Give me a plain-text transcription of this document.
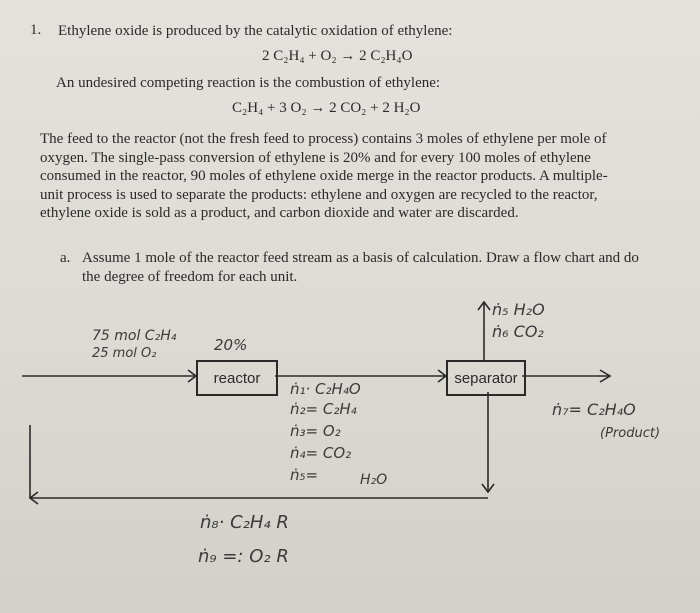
1. Ethylene oxide is produced by the catalytic oxidation of ethylene:
2 C₂H₄ + O₂ → 2 C₂H₄O
An undesired competing reaction is the combustion of ethylene:
C₂H₄ + 3 O₂ → 2 CO₂ + 2 H₂O
The feed to the reactor (not the fresh feed to process) contains 3 moles of ethylene per mole of oxygen. The single-pass conversion of ethylene is 20% and for every 100 moles of ethylene consumed in the reactor, 90 moles of ethylene oxide merge in the reactor products. A multiple-unit process is used to separate the products: ethylene and oxygen are recycled to the reactor, ethylene oxide is sold as a product, and carbon dioxide and water are discarded.
a. Assume 1 mole of the reactor feed stream as a basis of calculation. Draw a flow chart and do the degree of freedom for each unit.
reactor	separator
75 mol C₂H₄
25 mol O₂	20%
ṅ₁· C₂H₄O
ṅ₂= C₂H₄
ṅ₃= O₂
ṅ₄= CO₂
ṅ₅=	H₂O
ṅ₅ H₂O
ṅ₆ CO₂
ṅ₇= C₂H₄O
(Product)
ṅ₈· C₂H₄ R
ṅ₉ =: O₂ R
